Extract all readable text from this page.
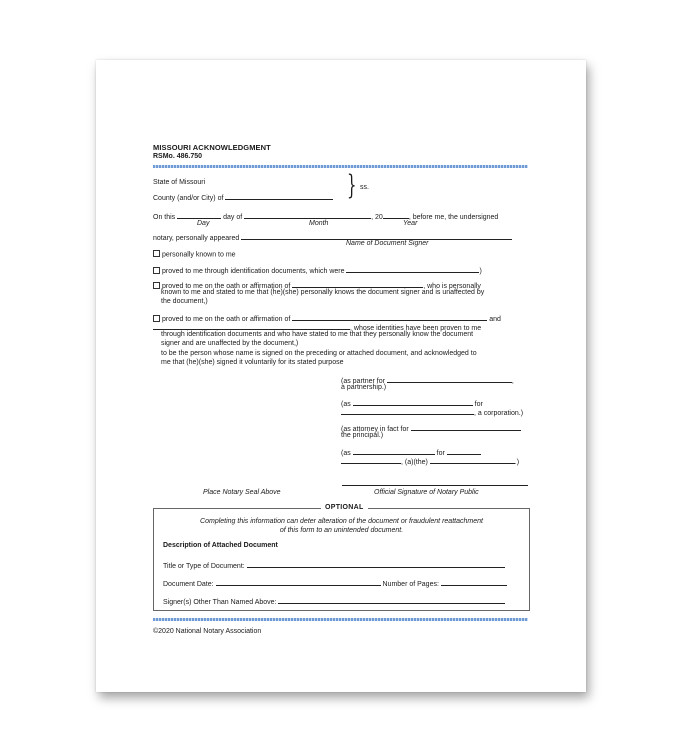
MISSOURI ACKNOWLEDGMENT
RSMo. 486.750
State of Missouri
County (and/or City) of	} ss.
On this	day of	, 20	, before me, the undersigned
Day	Month	Year
notary, personally appeared
Name of Document Signer
personally known to me
proved to me through identification documents, which were	)
proved to me on the oath or affirmation of	, who is personally
known to me and stated to me that (he)(she) personally knows the document signer and is unaffected by
the document,)
proved to me on the oath or affirmation of	and
, whose identities have been proven to me
through identification documents and who have stated to me that they personally know the document
signer and are unaffected by the document,)
to be the person whose name is signed on the preceding or attached document, and acknowledged to
me that (he)(she) signed it voluntarily for its stated purpose
(as partner for	,
a partnership.)
(as	for
, a corporation.)
(as attorney in fact for
the principal.)
(as	for
, (a)(the)	.)
Official Signature of Notary Public
Place Notary Seal Above
OPTIONAL
Completing this information can deter alteration of the document or fraudulent reattachment
of this form to an unintended document.
Description of Attached Document
Title or Type of Document:
Document Date:	Number of Pages:
Signer(s) Other Than Named Above:
©2020 National Notary Association
